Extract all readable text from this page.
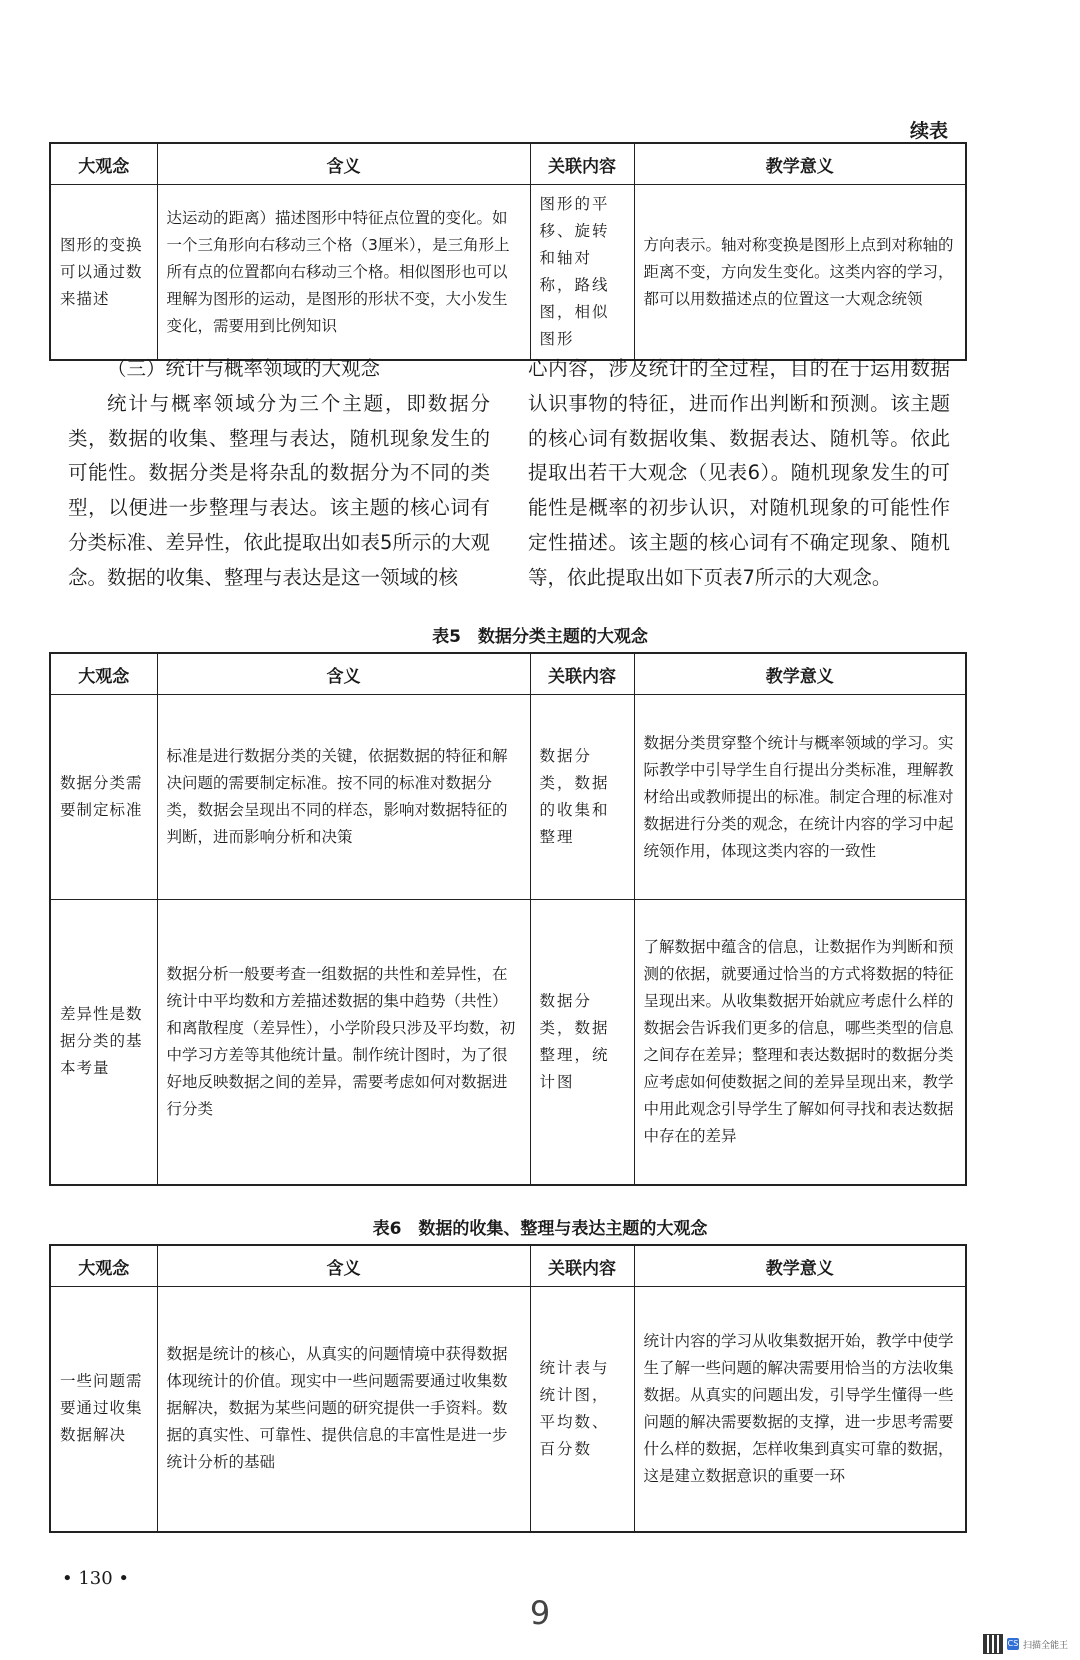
续表
大观念	含义	关联内容	教学意义
图形的变换可以通过数来描述	达运动的距离）描述图形中特征点位置的变化。如一个三角形向右移动三个格（3厘米），是三角形上所有点的位置都向右移动三个格。相似图形也可以理解为图形的运动，是图形的形状不变，大小发生变化，需要用到比例知识	图形的平移、旋转和轴对称，路线图，相似图形	方向表示。轴对称变换是图形上点到对称轴的距离不变，方向发生变化。这类内容的学习，都可以用数描述点的位置这一大观念统领

（三）统计与概率领域的大观念

统计与概率领域分为三个主题，即数据分类，数据的收集、整理与表达，随机现象发生的可能性。数据分类是将杂乱的数据分为不同的类型，以便进一步整理与表达。该主题的核心词有分类标准、差异性，依此提取出如表5所示的大观念。数据的收集、整理与表达是这一领域的核

心内容，涉及统计的全过程，目的在于运用数据认识事物的特征，进而作出判断和预测。该主题的核心词有数据收集、数据表达、随机等。依此提取出若干大观念（见表6）。随机现象发生的可能性是概率的初步认识，对随机现象的可能性作定性描述。该主题的核心词有不确定现象、随机等，依此提取出如下页表7所示的大观念。

表5　数据分类主题的大观念
大观念	含义	关联内容	教学意义
数据分类需要制定标准	标准是进行数据分类的关键，依据数据的特征和解决问题的需要制定标准。按不同的标准对数据分类，数据会呈现出不同的样态，影响对数据特征的判断，进而影响分析和决策	数据分类，数据的收集和整理	数据分类贯穿整个统计与概率领域的学习。实际教学中引导学生自行提出分类标准，理解教材给出或教师提出的标准。制定合理的标准对数据进行分类的观念，在统计内容的学习中起统领作用，体现这类内容的一致性
差异性是数据分类的基本考量	数据分析一般要考查一组数据的共性和差异性，在统计中平均数和方差描述数据的集中趋势（共性）和离散程度（差异性），小学阶段只涉及平均数，初中学习方差等其他统计量。制作统计图时，为了很好地反映数据之间的差异，需要考虑如何对数据进行分类	数据分类，数据整理，统计图	了解数据中蕴含的信息，让数据作为判断和预测的依据，就要通过恰当的方式将数据的特征呈现出来。从收集数据开始就应考虑什么样的数据会告诉我们更多的信息，哪些类型的信息之间存在差异；整理和表达数据时的数据分类应考虑如何使数据之间的差异呈现出来，教学中用此观念引导学生了解如何寻找和表达数据中存在的差异
表6　数据的收集、整理与表达主题的大观念
大观念	含义	关联内容	教学意义
一些问题需要通过收集数据解决	数据是统计的核心，从真实的问题情境中获得数据体现统计的价值。现实中一些问题需要通过收集数据解决，数据为某些问题的研究提供一手资料。数据的真实性、可靠性、提供信息的丰富性是进一步统计分析的基础	统计表与统计图，平均数、百分数	统计内容的学习从收集数据开始，教学中使学生了解一些问题的解决需要用恰当的方法收集数据。从真实的问题出发，引导学生懂得一些问题的解决需要数据的支撑，进一步思考需要什么样的数据，怎样收集到真实可靠的数据，这是建立数据意识的重要一环
• 130 •
9
CS 扫描全能王
